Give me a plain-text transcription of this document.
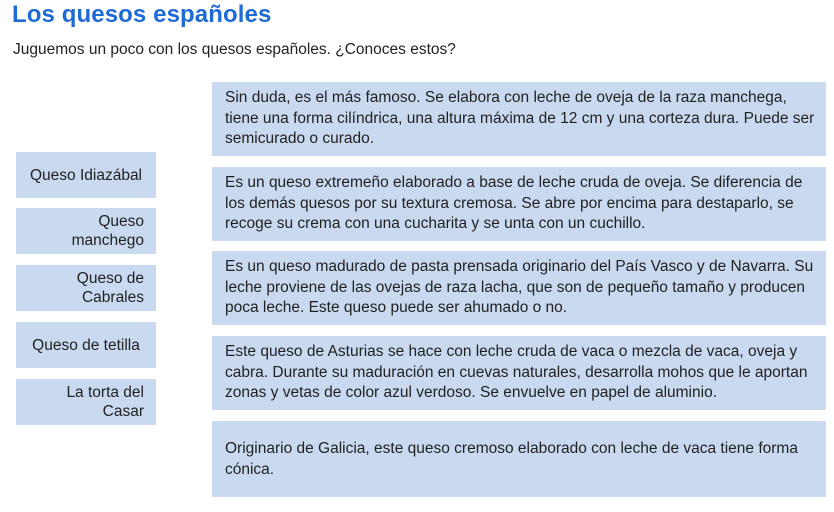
Los quesos españoles

Juguemos un poco con los quesos españoles. ¿Conoces estos?

Queso Idiazábal
Queso manchego
Queso de Cabrales
Queso de tetilla
La torta del Casar
Sin duda, es el más famoso. Se elabora con leche de oveja de la raza manchega, tiene una forma cilíndrica, una altura máxima de 12 cm y una corteza dura. Puede ser semicurado o curado.
Es un queso extremeño elaborado a base de leche cruda de oveja. Se diferencia de los demás quesos por su textura cremosa. Se abre por encima para destaparlo, se recoge su crema con una cucharita y se unta con un cuchillo.
Es un queso madurado de pasta prensada originario del País Vasco y de Navarra. Su leche proviene de las ovejas de raza lacha, que son de pequeño tamaño y producen poca leche. Este queso puede ser ahumado o no.
Este queso de Asturias se hace con leche cruda de vaca o mezcla de vaca, oveja y cabra. Durante su maduración en cuevas naturales, desarrolla mohos que le aportan zonas y vetas de color azul verdoso. Se envuelve en papel de aluminio.
Originario de Galicia, este queso cremoso elaborado con leche de vaca tiene forma cónica.
